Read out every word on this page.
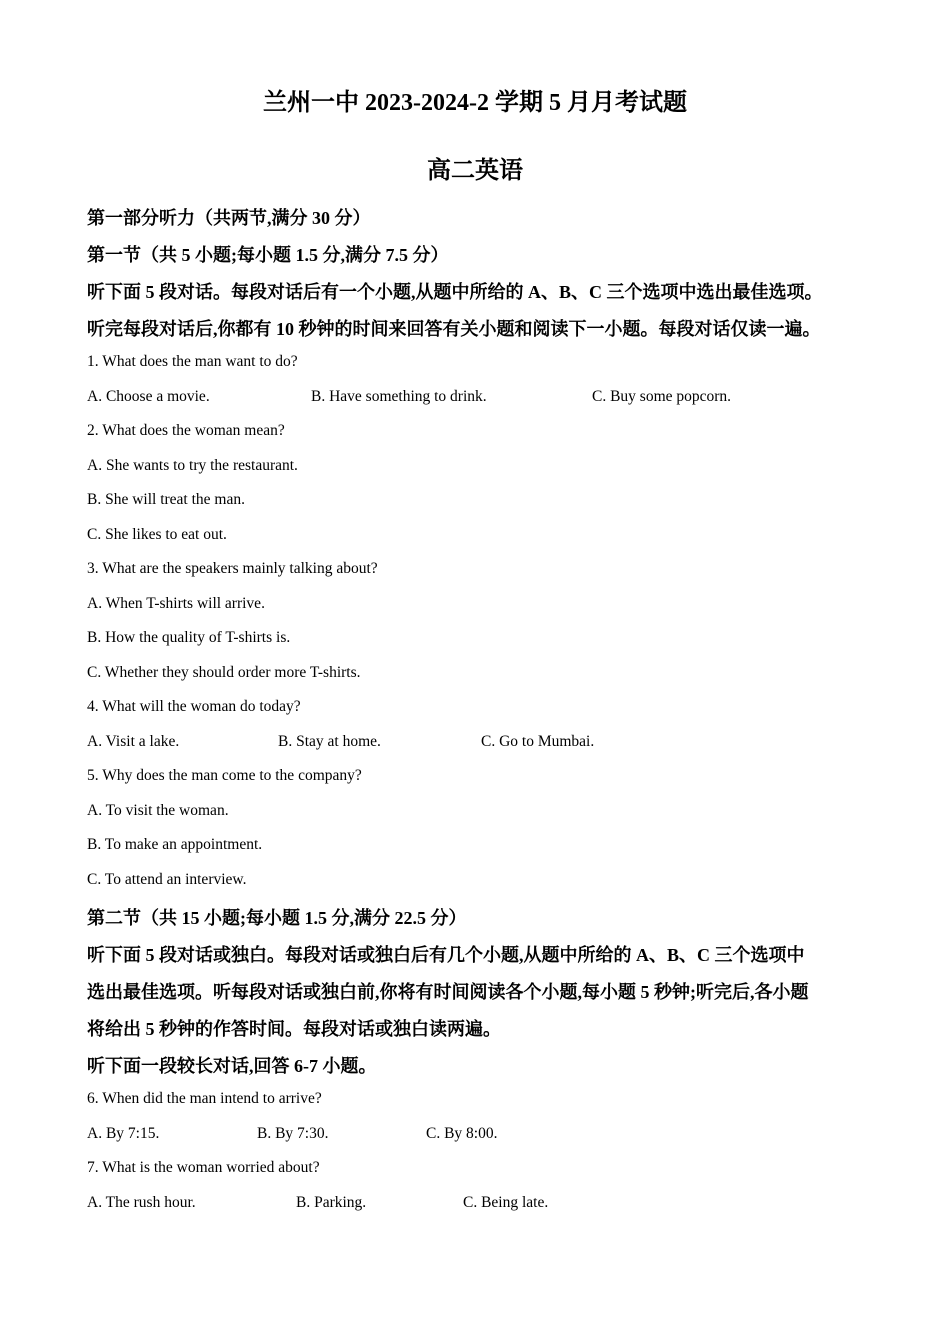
兰州一中 2023-2024-2 学期 5 月月考试题
高二英语
第一部分听力（共两节,满分 30 分）
第一节（共 5 小题;每小题 1.5 分,满分 7.5 分）
听下面 5 段对话。每段对话后有一个小题,从题中所给的 A、B、C 三个选项中选出最佳选项。
听完每段对话后,你都有 10 秒钟的时间来回答有关小题和阅读下一小题。每段对话仅读一遍。
1. What does the man want to do?
A. Choose a movie.	B. Have something to drink.	C. Buy some popcorn.
2. What does the woman mean?
A. She wants to try the restaurant.
B. She will treat the man.
C. She likes to eat out.
3. What are the speakers mainly talking about?
A. When T-shirts will arrive.
B. How the quality of T-shirts is.
C. Whether they should order more T-shirts.
4. What will the woman do today?
A. Visit a lake.	B. Stay at home.	C. Go to Mumbai.
5. Why does the man come to the company?
A. To visit the woman.
B. To make an appointment.
C. To attend an interview.
第二节（共 15 小题;每小题 1.5 分,满分 22.5 分）
听下面 5 段对话或独白。每段对话或独白后有几个小题,从题中所给的 A、B、C 三个选项中
选出最佳选项。听每段对话或独白前,你将有时间阅读各个小题,每小题 5 秒钟;听完后,各小题
将给出 5 秒钟的作答时间。每段对话或独白读两遍。
听下面一段较长对话,回答 6-7 小题。
6. When did the man intend to arrive?
A. By 7:15.	B. By 7:30.	C. By 8:00.
7. What is the woman worried about?
A. The rush hour.	B. Parking.	C. Being late.
